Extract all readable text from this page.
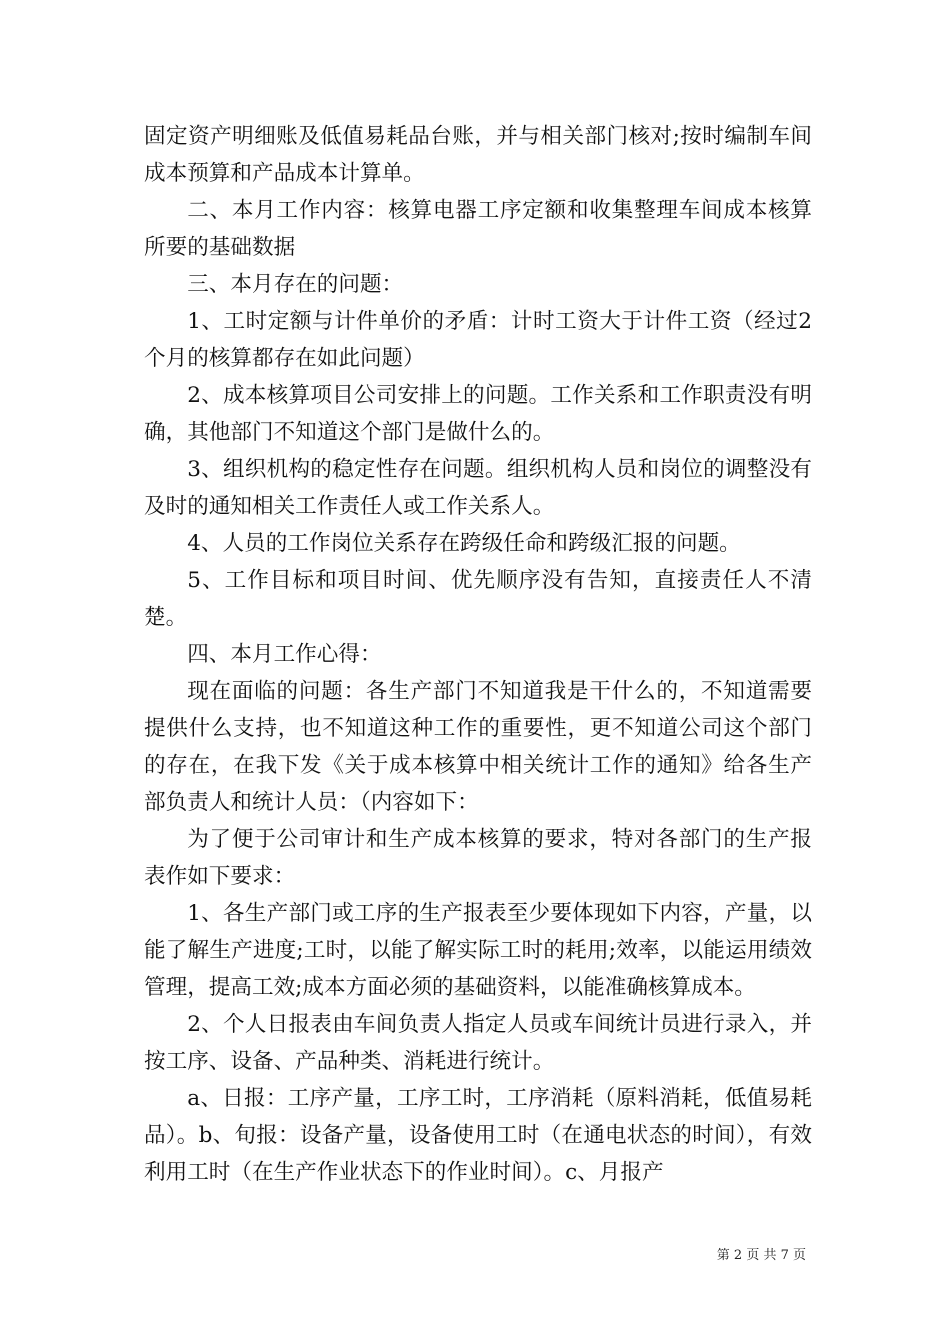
固定资产明细账及低值易耗品台账，并与相关部门核对;按时编制车间成本预算和产品成本计算单。

二、本月工作内容：核算电器工序定额和收集整理车间成本核算所要的基础数据

三、本月存在的问题：

1、工时定额与计件单价的矛盾：计时工资大于计件工资（经过2个月的核算都存在如此问题）

2、成本核算项目公司安排上的问题。工作关系和工作职责没有明确，其他部门不知道这个部门是做什么的。

3、组织机构的稳定性存在问题。组织机构人员和岗位的调整没有及时的通知相关工作责任人或工作关系人。

4、人员的工作岗位关系存在跨级任命和跨级汇报的问题。

5、工作目标和项目时间、优先顺序没有告知，直接责任人不清楚。

四、本月工作心得：

现在面临的问题：各生产部门不知道我是干什么的，不知道需要提供什么支持，也不知道这种工作的重要性，更不知道公司这个部门的存在，在我下发《关于成本核算中相关统计工作的通知》给各生产部负责人和统计人员：（内容如下：

为了便于公司审计和生产成本核算的要求，特对各部门的生产报表作如下要求：

1、各生产部门或工序的生产报表至少要体现如下内容，产量，以能了解生产进度;工时，以能了解实际工时的耗用;效率，以能运用绩效管理，提高工效;成本方面必须的基础资料，以能准确核算成本。

2、个人日报表由车间负责人指定人员或车间统计员进行录入，并按工序、设备、产品种类、消耗进行统计。

a、日报：工序产量，工序工时，工序消耗（原料消耗，低值易耗品）。b、旬报：设备产量，设备使用工时（在通电状态的时间），有效利用工时（在生产作业状态下的作业时间）。c、月报产

第 2 页 共 7 页
